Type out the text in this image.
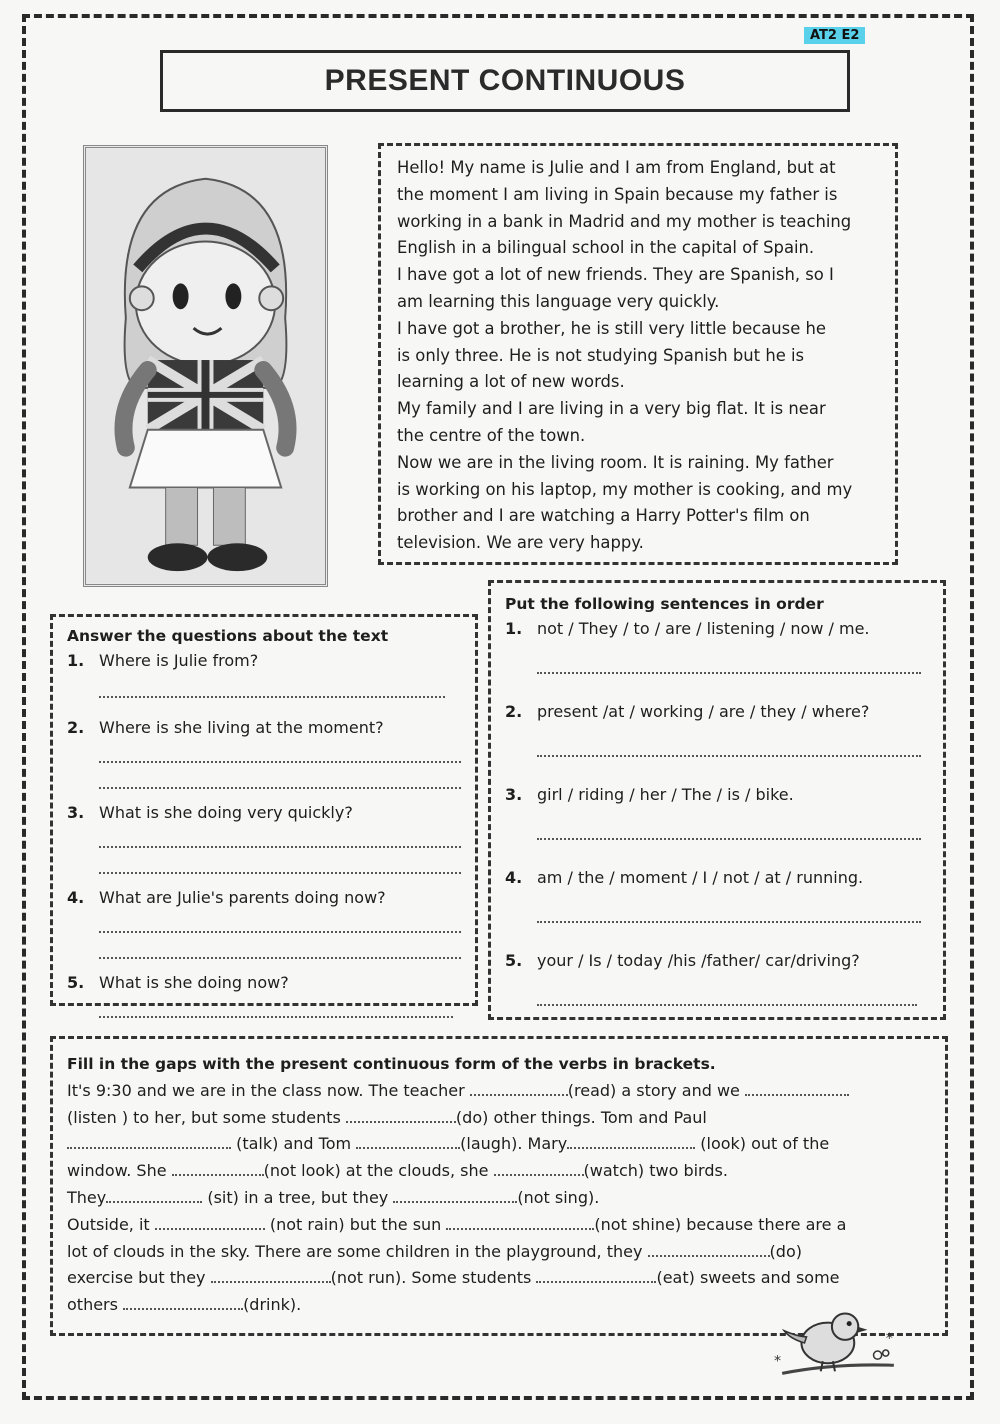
AT2 E2
PRESENT CONTINUOUS

Hello! My name is Julie and I am from England, but at

the moment I am living in Spain because my father is

working in a bank in Madrid and my mother is teaching

English in a bilingual school in the capital of Spain.

I have got a lot of new friends. They are Spanish, so I

am learning this language very quickly.

I have got a brother, he is still very little because he

is only three. He is not studying Spanish but he is

learning a lot of new words.

My family and I are living in a very big flat. It is near

the centre of the town.

Now we are in the living room. It is raining. My father

is working on his laptop, my mother is cooking, and my

brother and I are watching a Harry Potter's film on

television. We are very happy.

Answer the questions about the text

1. Where is Julie from?

2. Where is she living at the moment?

3. What is she doing very quickly?

4. What are Julie's parents doing now?

5. What is she doing now?

Put the following sentences in order

1. not / They / to / are / listening / now / me.

2. present /at / working / are / they / where?

3. girl / riding / her / The / is / bike.

4. am / the / moment / I / not / at / running.

5. your / Is / today /his /father/ car/driving?

Fill in the gaps with the present continuous form of the verbs in brackets.

It's 9:30 and we are in the class now. The teacher	(read) a story and we

(listen ) to her, but some students	(do) other things. Tom and Paul

(talk) and Tom	(laugh). Mary	(look) out of the

window. She	(not look) at the clouds, she	(watch) two birds.

They	(sit) in a tree, but they	(not sing).

Outside, it	(not rain) but the sun	(not shine) because there are a

lot of clouds in the sky. There are some children in the playground, they	(do)

exercise but they	(not run). Some students	(eat) sweets and some

others	(drink).

*
*
